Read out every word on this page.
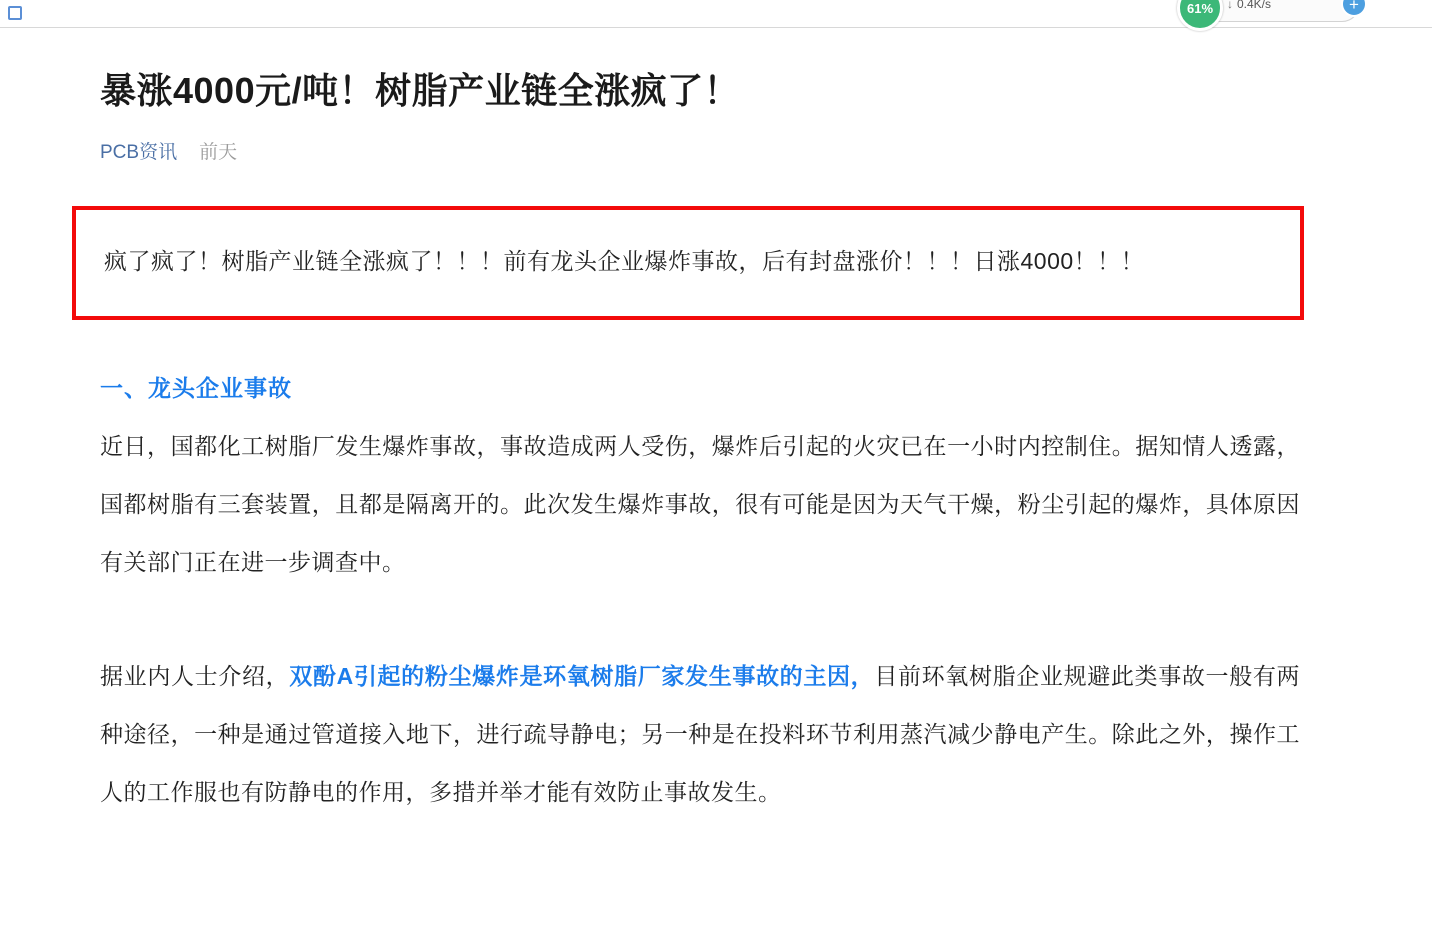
61%	↓ 0.4K/s	+
暴涨4000元/吨！树脂产业链全涨疯了！
PCB资讯 前天
疯了疯了！树脂产业链全涨疯了！！！前有龙头企业爆炸事故，后有封盘涨价！！！日涨4000！！！
一、龙头企业事故

近日，国都化工树脂厂发生爆炸事故，事故造成两人受伤，爆炸后引起的火灾已在一小时内控制住。据知情人透露，国都树脂有三套装置，且都是隔离开的。此次发生爆炸事故，很有可能是因为天气干燥，粉尘引起的爆炸，具体原因有关部门正在进一步调查中。

据业内人士介绍，双酚A引起的粉尘爆炸是环氧树脂厂家发生事故的主因，目前环氧树脂企业规避此类事故一般有两种途径，一种是通过管道接入地下，进行疏导静电；另一种是在投料环节利用蒸汽减少静电产生。除此之外，操作工人的工作服也有防静电的作用，多措并举才能有效防止事故发生。
